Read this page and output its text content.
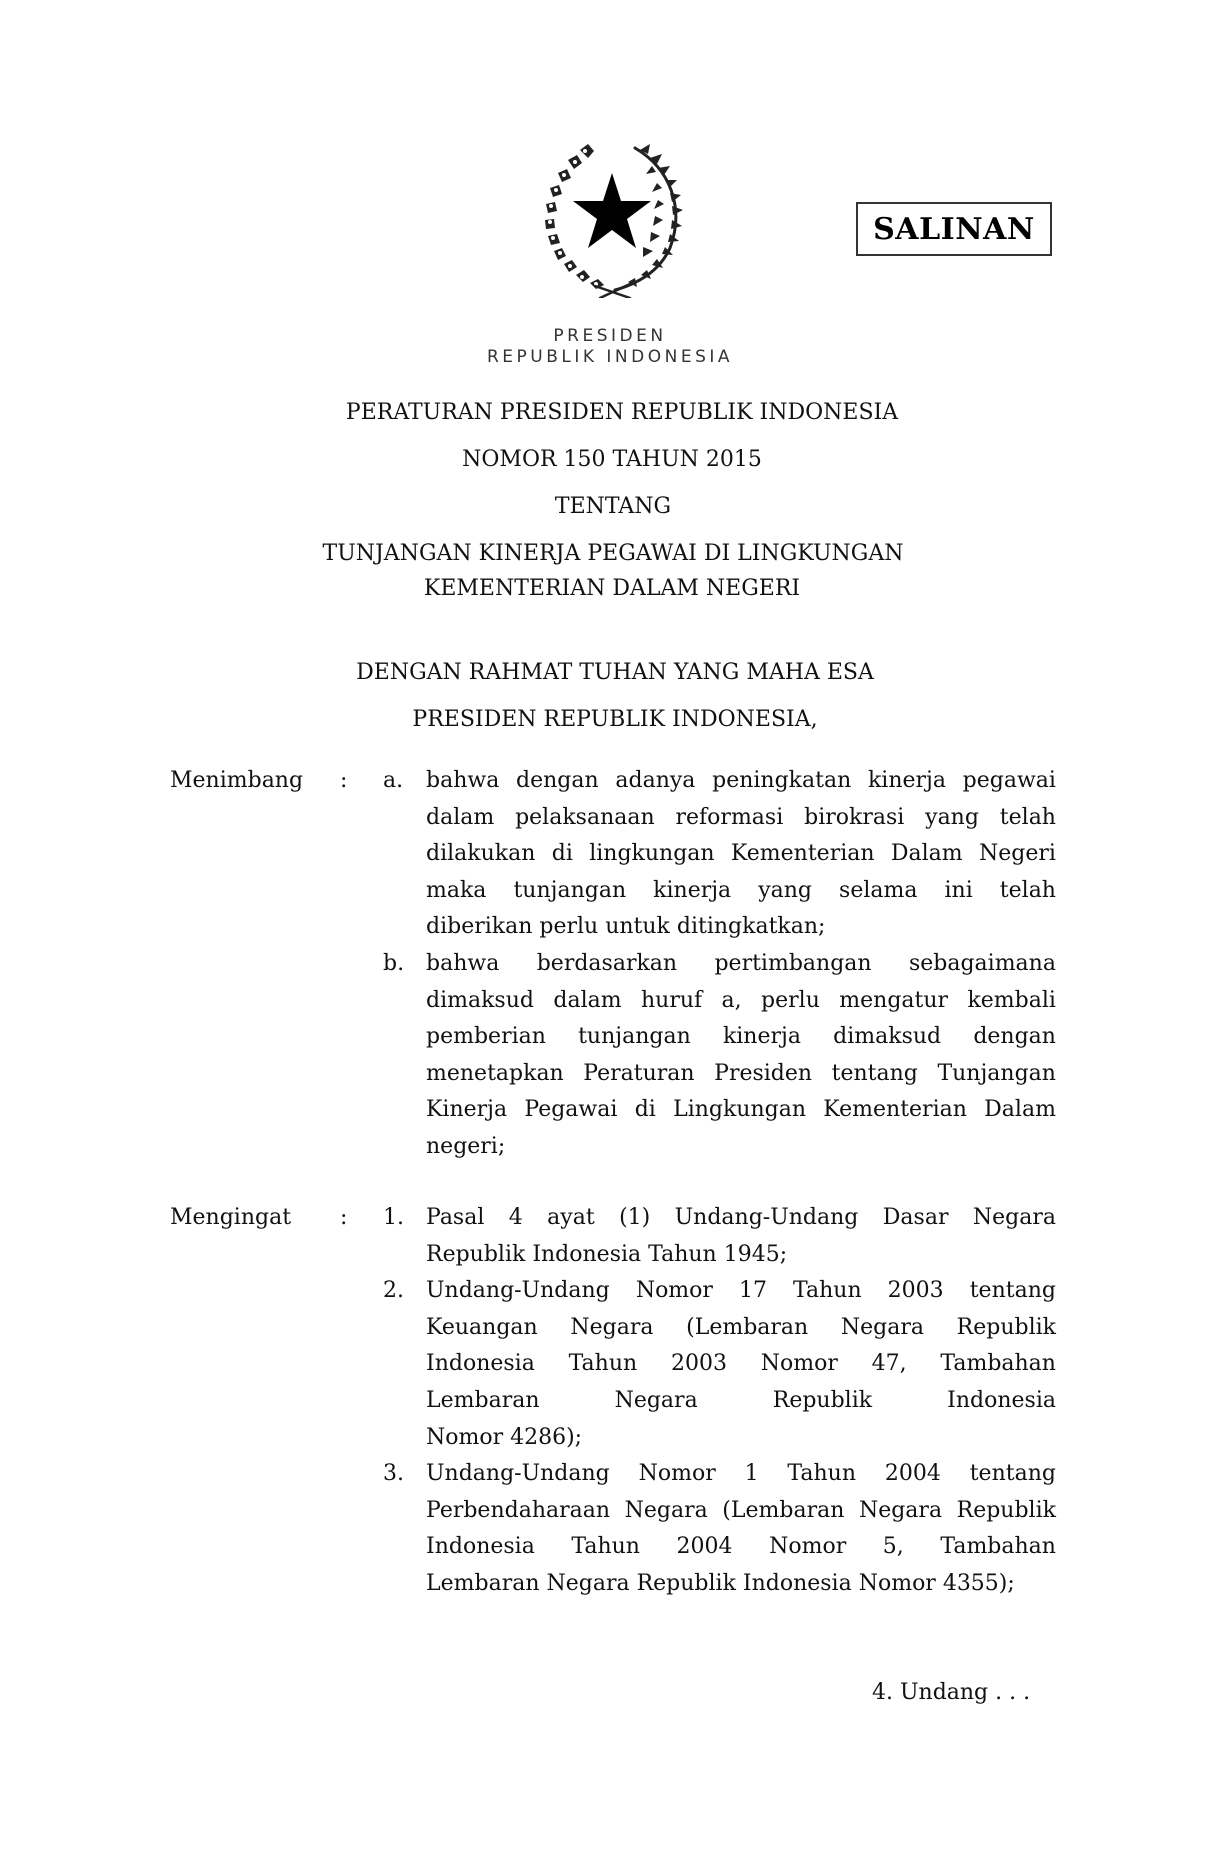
PRESIDEN
REPUBLIK INDONESIA
SALINAN
PERATURAN PRESIDEN REPUBLIK INDONESIA
NOMOR 150 TAHUN 2015
TENTANG
TUNJANGAN KINERJA PEGAWAI DI LINGKUNGAN
KEMENTERIAN DALAM NEGERI
DENGAN RAHMAT TUHAN YANG MAHA ESA
PRESIDEN REPUBLIK INDONESIA,
Menimbang : a. bahwa dengan adanya peningkatan kinerja pegawai
dalam pelaksanaan reformasi birokrasi yang telah
dilakukan di lingkungan Kementerian Dalam Negeri
maka tunjangan kinerja yang selama ini telah
diberikan perlu untuk ditingkatkan;
b. bahwa berdasarkan pertimbangan sebagaimana
dimaksud dalam huruf a, perlu mengatur kembali
pemberian tunjangan kinerja dimaksud dengan
menetapkan Peraturan Presiden tentang Tunjangan
Kinerja Pegawai di Lingkungan Kementerian Dalam
negeri;
Mengingat : 1. Pasal 4 ayat (1) Undang-Undang Dasar Negara
Republik Indonesia Tahun 1945;
2. Undang-Undang Nomor 17 Tahun 2003 tentang
Keuangan Negara (Lembaran Negara Republik
Indonesia Tahun 2003 Nomor 47, Tambahan
Lembaran	Negara	Republik	Indonesia
Nomor 4286);
3. Undang-Undang Nomor 1 Tahun 2004 tentang
Perbendaharaan Negara (Lembaran Negara Republik
Indonesia Tahun 2004 Nomor 5, Tambahan
Lembaran Negara Republik Indonesia Nomor 4355);
4. Undang . . .
